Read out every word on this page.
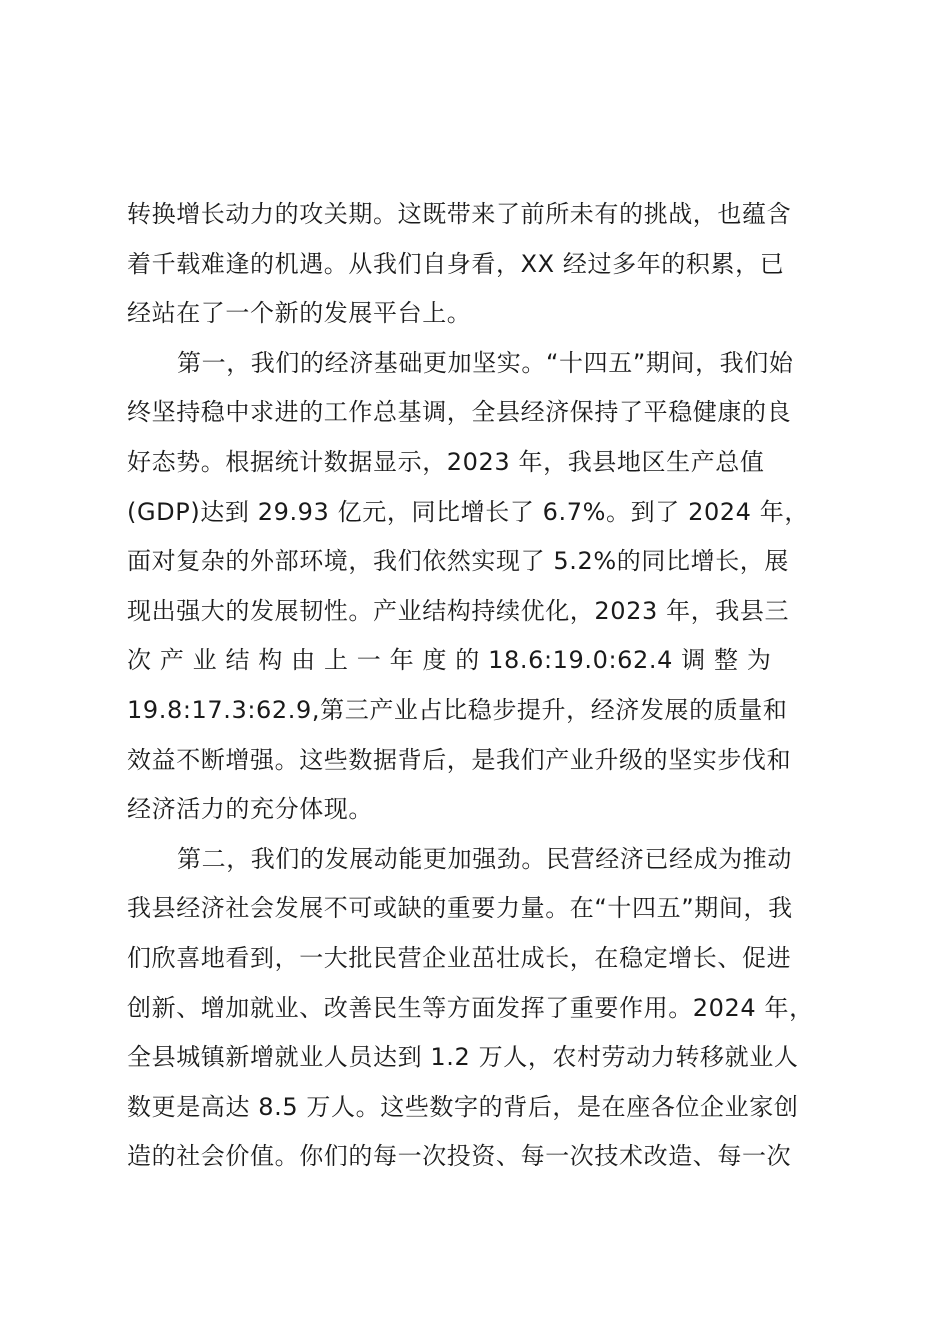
转换增长动力的攻关期。这既带来了前所未有的挑战，也蕴含
着千载难逢的机遇。从我们自身看，XX 经过多年的积累，已
经站在了一个新的发展平台上。
第一，我们的经济基础更加坚实。“十四五”期间，我们始
终坚持稳中求进的工作总基调，全县经济保持了平稳健康的良
好态势。根据统计数据显示，2023 年，我县地区生产总值
(GDP)达到 29.93 亿元，同比增长了 6.7%。到了 2024 年，
面对复杂的外部环境，我们依然实现了 5.2%的同比增长，展
现出强大的发展韧性。产业结构持续优化，2023 年，我县三
次 产 业 结 构 由 上 一 年 度 的 18.6:19.0:62.4 调 整 为
19.8:17.3:62.9,第三产业占比稳步提升，经济发展的质量和
效益不断增强。这些数据背后，是我们产业升级的坚实步伐和
经济活力的充分体现。
第二，我们的发展动能更加强劲。民营经济已经成为推动
我县经济社会发展不可或缺的重要力量。在“十四五”期间，我
们欣喜地看到，一大批民营企业茁壮成长，在稳定增长、促进
创新、增加就业、改善民生等方面发挥了重要作用。2024 年，
全县城镇新增就业人员达到 1.2 万人，农村劳动力转移就业人
数更是高达 8.5 万人。这些数字的背后，是在座各位企业家创
造的社会价值。你们的每一次投资、每一次技术改造、每一次
